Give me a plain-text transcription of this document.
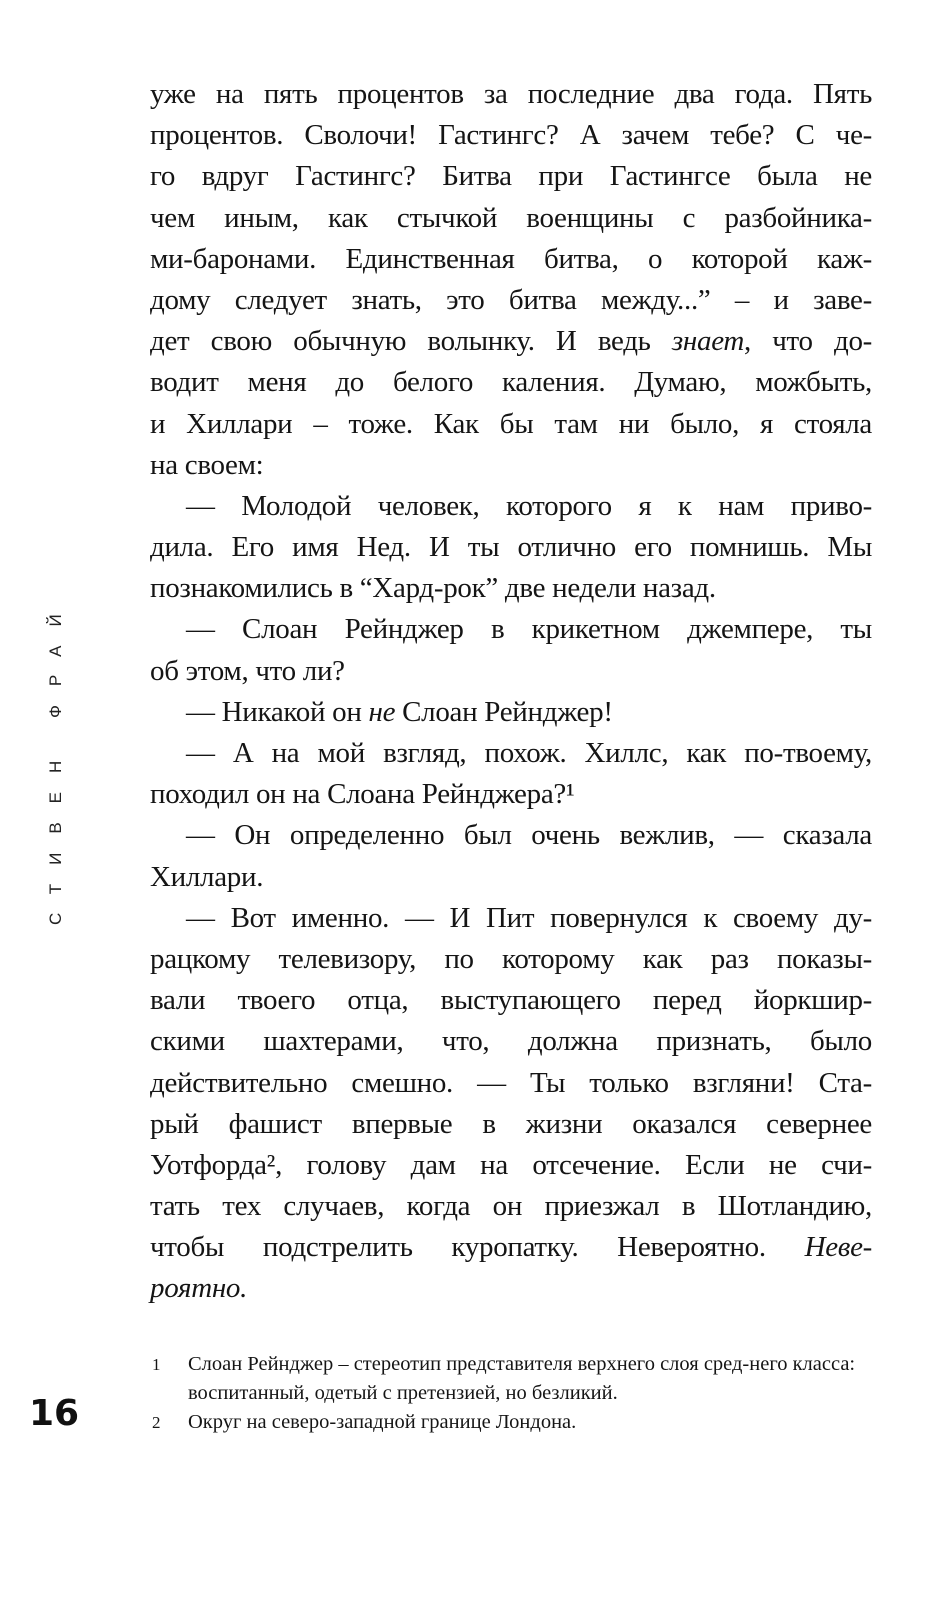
СТИВЕН ФРАЙ
16
уже на пять процентов за последние два года. Пять
процентов. Сволочи! Гастингс? А зачем тебе? С че-
го вдруг Гастингс? Битва при Гастингсе была не
чем иным, как стычкой военщины с разбойника-
ми-баронами. Единственная битва, о которой каж-
дому следует знать, это битва между...” – и заве-
дет свою обычную волынку. И ведь знает, что до-
водит меня до белого каления. Думаю, можбыть,
и Хиллари – тоже. Как бы там ни было, я стояла
на своем:
— Молодой человек, которого я к нам приво-
дила. Его имя Нед. И ты отлично его помнишь. Мы
познакомились в “Хард-рок” две недели назад.
— Слоан Рейнджер в крикетном джемпере, ты
об этом, что ли?
— Никакой он не Слоан Рейнджер!
— А на мой взгляд, похож. Хиллс, как по-твоему,
походил он на Слоана Рейнджера?¹
— Он определенно был очень вежлив, — сказала
Хиллари.
— Вот именно. — И Пит повернулся к своему ду-
рацкому телевизору, по которому как раз показы-
вали твоего отца, выступающего перед йоркшир-
скими шахтерами, что, должна признать, было
действительно смешно. — Ты только взгляни! Ста-
рый фашист впервые в жизни оказался севернее
Уотфорда², голову дам на отсечение. Если не счи-
тать тех случаев, когда он приезжал в Шотландию,
чтобы подстрелить куропатку. Невероятно. Неве-
роятно.
1	Слоан Рейнджер – стереотип представителя верхнего слоя сред-него класса: воспитанный, одетый с претензией, но безликий.
2	Округ на северо-западной границе Лондона.
